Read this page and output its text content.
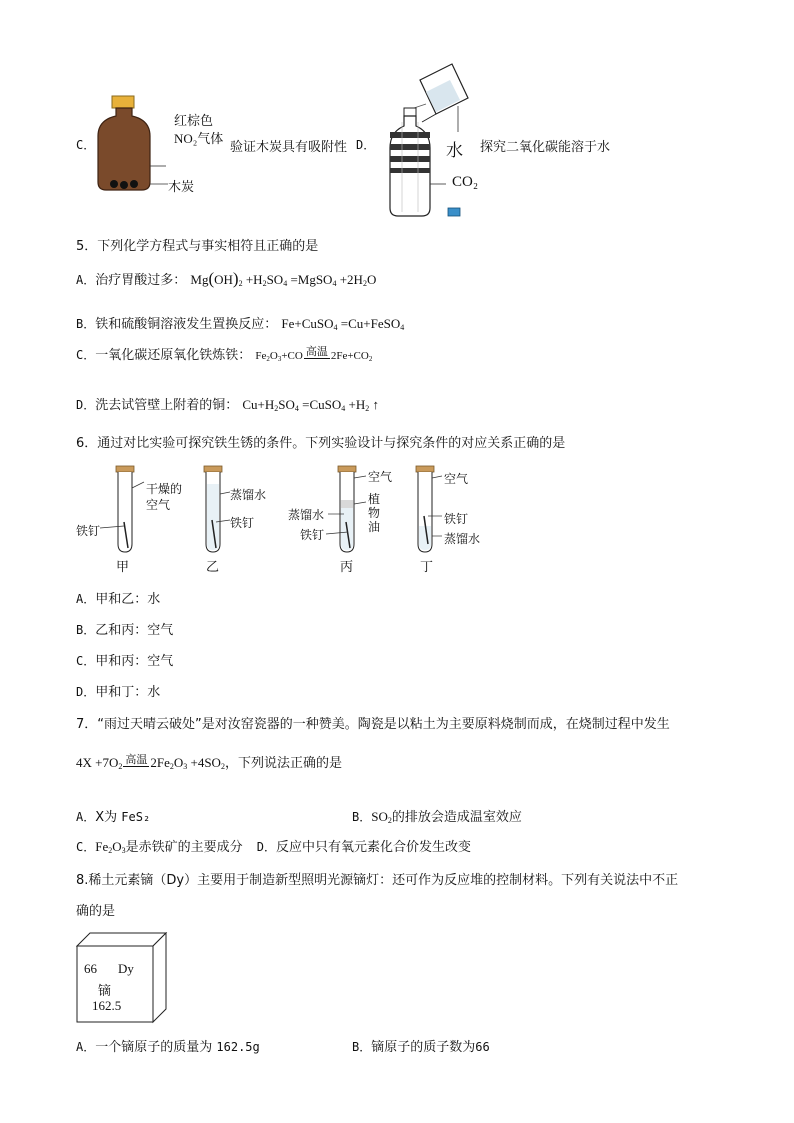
C．
红棕色
NO₂气体
木炭
验证木炭具有吸附性 D．	水
CO₂
探究二氧化碳能溶于水
5．下列化学方程式与事实相符且正确的是
A．治疗胃酸过多： $Mg(OH)_2 +H_2SO_4$ =MgSO$_4$ $+2H_2O$
B．铁和硫酸铜溶液发生置换反应： Fe+CuSO$_4$ =Cu+FeSO$_4$
C．一氧化碳还原氧化铁炼铁： $Fe_2O_3+CO$ 高温 $2Fe+CO_2$
D．洗去试管壁上附着的铜： $Cu+H_2SO_4$ =CuSO$_4$ $+H_2$ ↑
6．通过对比实验可探究铁生锈的条件。下列实验设计与探究条件的对应关系正确的是
干燥的
空气
铁钉
甲
蒸馏水
铁钉
乙
空气
植
物
油
蒸馏水
铁钉
丙
空气
铁钉
蒸馏水
丁
A．甲和乙：水
B．乙和丙：空气
C．甲和丙：空气
D．甲和丁：水
7．“雨过天晴云破处”是对汝窑瓷器的一种赞美。陶瓷是以粘土为主要原料烧制而成，在烧制过程中发生
$4X +7O_2$
高温 $2Fe_2O_3 +4SO_2$，下列说法正确的是
A．X为 FeS₂	B．$SO_2$的排放会造成温室效应
C．$Fe_2O_3$是赤铁矿的主要成分 D．反应中只有氧元素化合价发生改变
8.稀土元素镝（Dy）主要用于制造新型照明光源镝灯：还可作为反应堆的控制材料。下列有关说法中不正
确的是
66 Dy
镝
162.5
A．一个镝原子的质量为 162.5g	B．镝原子的质子数为66
